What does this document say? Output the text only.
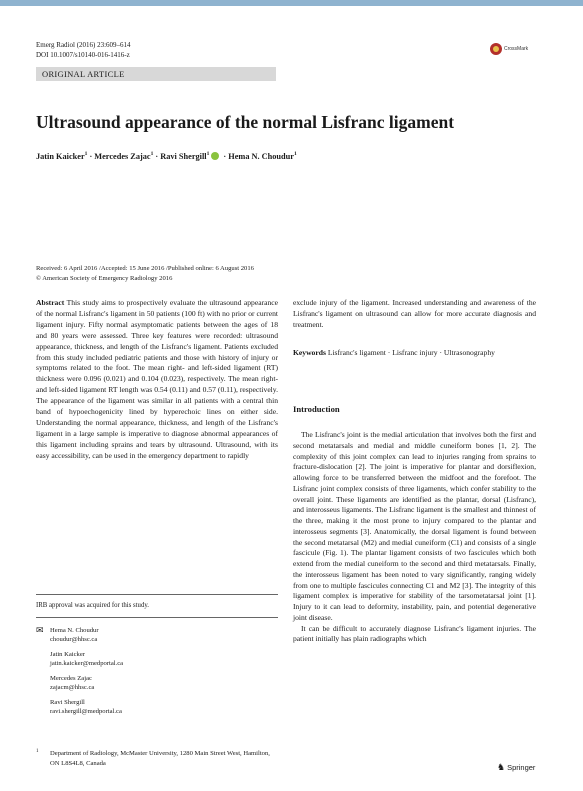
Emerg Radiol (2016) 23:609–614
DOI 10.1007/s10140-016-1416-z
CrossMark
ORIGINAL ARTICLE
Ultrasound appearance of the normal Lisfranc ligament
Jatin Kaicker$^1$ · Mercedes Zajac$^1$ · Ravi Shergill$^1$ · Hema N. Choudur$^1$
Received: 6 April 2016 /Accepted: 15 June 2016 /Published online: 6 August 2016
© American Society of Emergency Radiology 2016

Abstract This study aims to prospectively evaluate the ultrasound appearance of the normal Lisfranc's ligament in 50 patients (100 ft) with no prior or current ligament injury. Fifty normal asymptomatic patients between the ages of 18 and 80 years were assessed. Three key features were recorded: ultrasound appearance, thickness, and length of the Lisfranc's ligament. Patients excluded from this study included pediatric patients and those with history of injury or symptoms related to the foot. The mean right- and left-sided ligament (RT) thickness were 0.096 (0.021) and 0.104 (0.023), respectively. The mean right- and left-sided ligament RT length was 0.54 (0.11) and 0.57 (0.11), respectively. The appearance of the ligament was similar in all patients with a central thin band of hypoechogenicity lined by hyperechoic lines on either side. Understanding the normal appearance, thickness, and length of the Lisfranc's ligament in a large sample is imperative to diagnose abnormal appearances of this ligament including sprains and tears by ultrasound. Ultrasound, with its easy accessibility, can be used in the emergency department to rapidly

exclude injury of the ligament. Increased understanding and awareness of the Lisfranc's ligament on ultrasound can allow for more accurate diagnosis and treatment.

Keywords Lisfranc's ligament · Lisfranc injury · Ultrasonography
IRB approval was acquired for this study.
✉ Hema N. Choudur
choudur@hhsc.ca
Jatin Kaicker
jatin.kaicker@medportal.ca
Mercedes Zajac
zajacm@hhsc.ca
Ravi Shergill
ravi.shergill@medportal.ca
1 Department of Radiology, McMaster University, 1280 Main Street West, Hamilton, ON L8S4L8, Canada
Introduction

The Lisfranc's joint is the medial articulation that involves both the first and second metatarsals and medial and middle cuneiform bones [1, 2]. The complexity of this joint complex can lead to injuries ranging from sprains to fracture-dislocation [2]. The joint is imperative for plantar and dorsiflexion, allowing force to be transferred between the midfoot and the forefoot. The Lisfranc joint complex consists of three ligaments, which confer stability to the overall joint. These ligaments are identified as the plantar, dorsal (Lisfranc), and interosseus ligaments. The Lisfranc ligament is the smallest and thinnest of the three, making it the most prone to injury compared to the plantar and interosseus segments [3]. Anatomically, the dorsal ligament is found between the second metatarsal (M2) and medial cuneiform (C1) and consists of a single fascicule (Fig. 1). The plantar ligament consists of two fascicules which both extend from the medial cuneiform to the second and third metatarsals. Finally, the interosseus ligament has been noted to vary significantly, ranging widely from one to multiple fascicules connecting C1 and M2 [3]. The integrity of this ligament complex is imperative for stability of the tarsometatarsal joint [1]. Injury to it can lead to deformity, instability, pain, and potential degenerative joint disease.

It can be difficult to accurately diagnose Lisfranc's ligament injuries. The patient initially has plain radiographs which

♞ Springer
